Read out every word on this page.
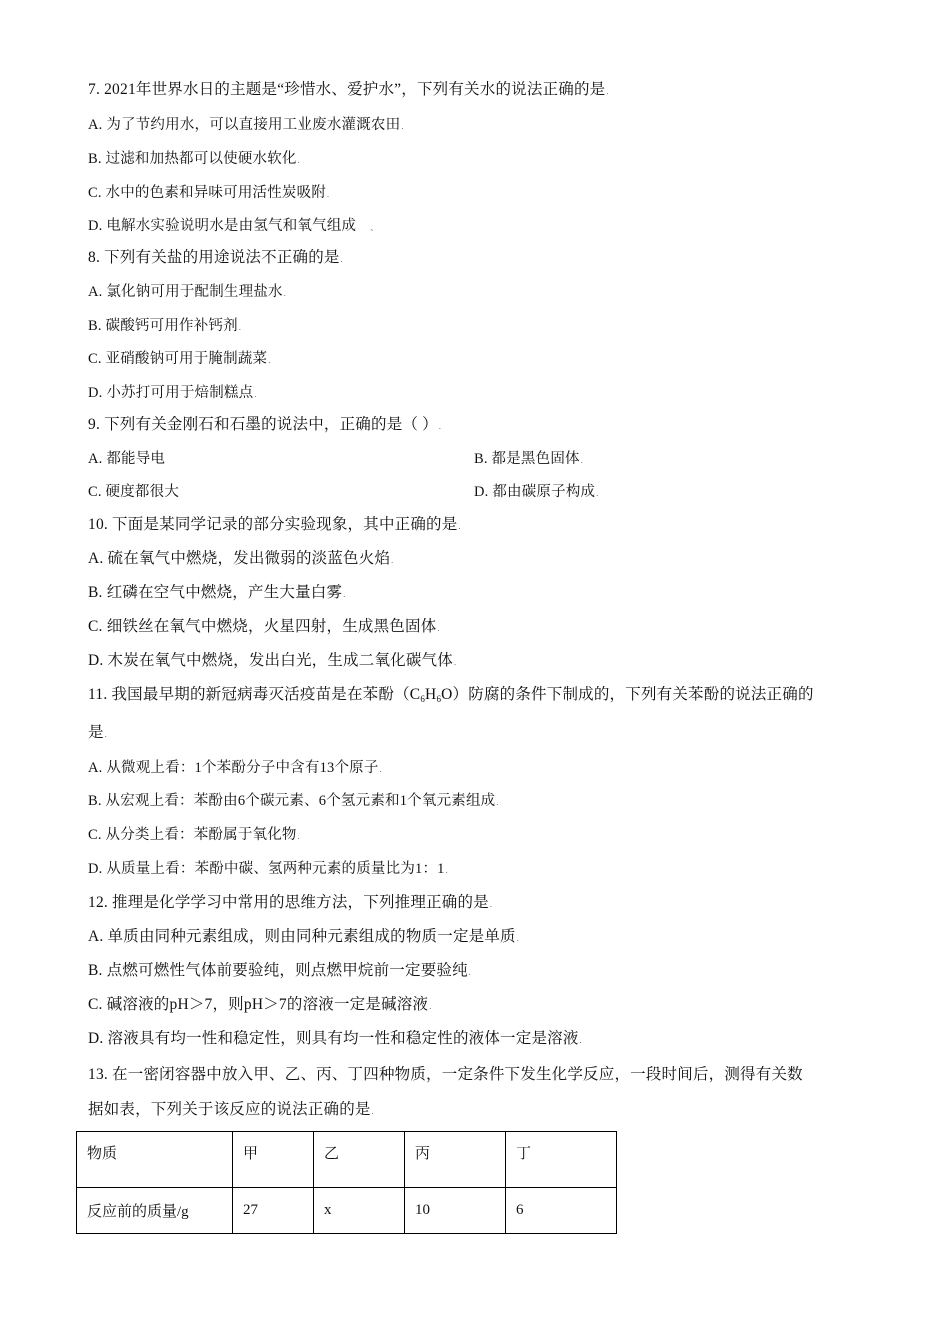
7. 2021年世界水日的主题是“珍惜水、爱护水”，下列有关水的说法正确的是.
A. 为了节约用水，可以直接用工业废水灌溉农田.
B. 过滤和加热都可以使硬水软化.
C. 水中的色素和异味可用活性炭吸附.
D. 电解水实验说明水是由氢气和氧气组成 、
8. 下列有关盐的用途说法不正确的是.
A. 氯化钠可用于配制生理盐水.
B. 碳酸钙可用作补钙剂.
C. 亚硝酸钠可用于腌制蔬菜.
D. 小苏打可用于焙制糕点.
9. 下列有关金刚石和石墨的说法中，正确的是（ ）.
A. 都能导电	B. 都是黑色固体.
C. 硬度都很大	D. 都由碳原子构成.
10. 下面是某同学记录的部分实验现象，其中正确的是.
A. 硫在氧气中燃烧，发出微弱的淡蓝色火焰.
B. 红磷在空气中燃烧，产生大量白雾.
C. 细铁丝在氧气中燃烧，火星四射，生成黑色固体.
D. 木炭在氧气中燃烧，发出白光，生成二氧化碳气体.
11. 我国最早期的新冠病毒灭活疫苗是在苯酚$(C_6H_6O)$防腐的条件下制成的，下列有关苯酚的说法正确的
是.
A. 从微观上看：1个苯酚分子中含有13个原子.
B. 从宏观上看：苯酚由6个碳元素、6个氢元素和1个氧元素组成.
C. 从分类上看：苯酚属于氧化物.
D. 从质量上看：苯酚中碳、氢两种元素的质量比为1：1.
12. 推理是化学学习中常用的思维方法，下列推理正确的是.
A. 单质由同种元素组成，则由同种元素组成的物质一定是单质.
B. 点燃可燃性气体前要验纯，则点燃甲烷前一定要验纯.
C. 碱溶液的pH＞7，则pH＞7的溶液一定是碱溶液.
D. 溶液具有均一性和稳定性，则具有均一性和稳定性的液体一定是溶液.
13. 在一密闭容器中放入甲、乙、丙、丁四种物质，一定条件下发生化学反应，一段时间后，测得有关数
据如表，下列关于该反应的说法正确的是.
物质	甲	乙	丙	丁
反应前的质量/g	27	x	10	6
